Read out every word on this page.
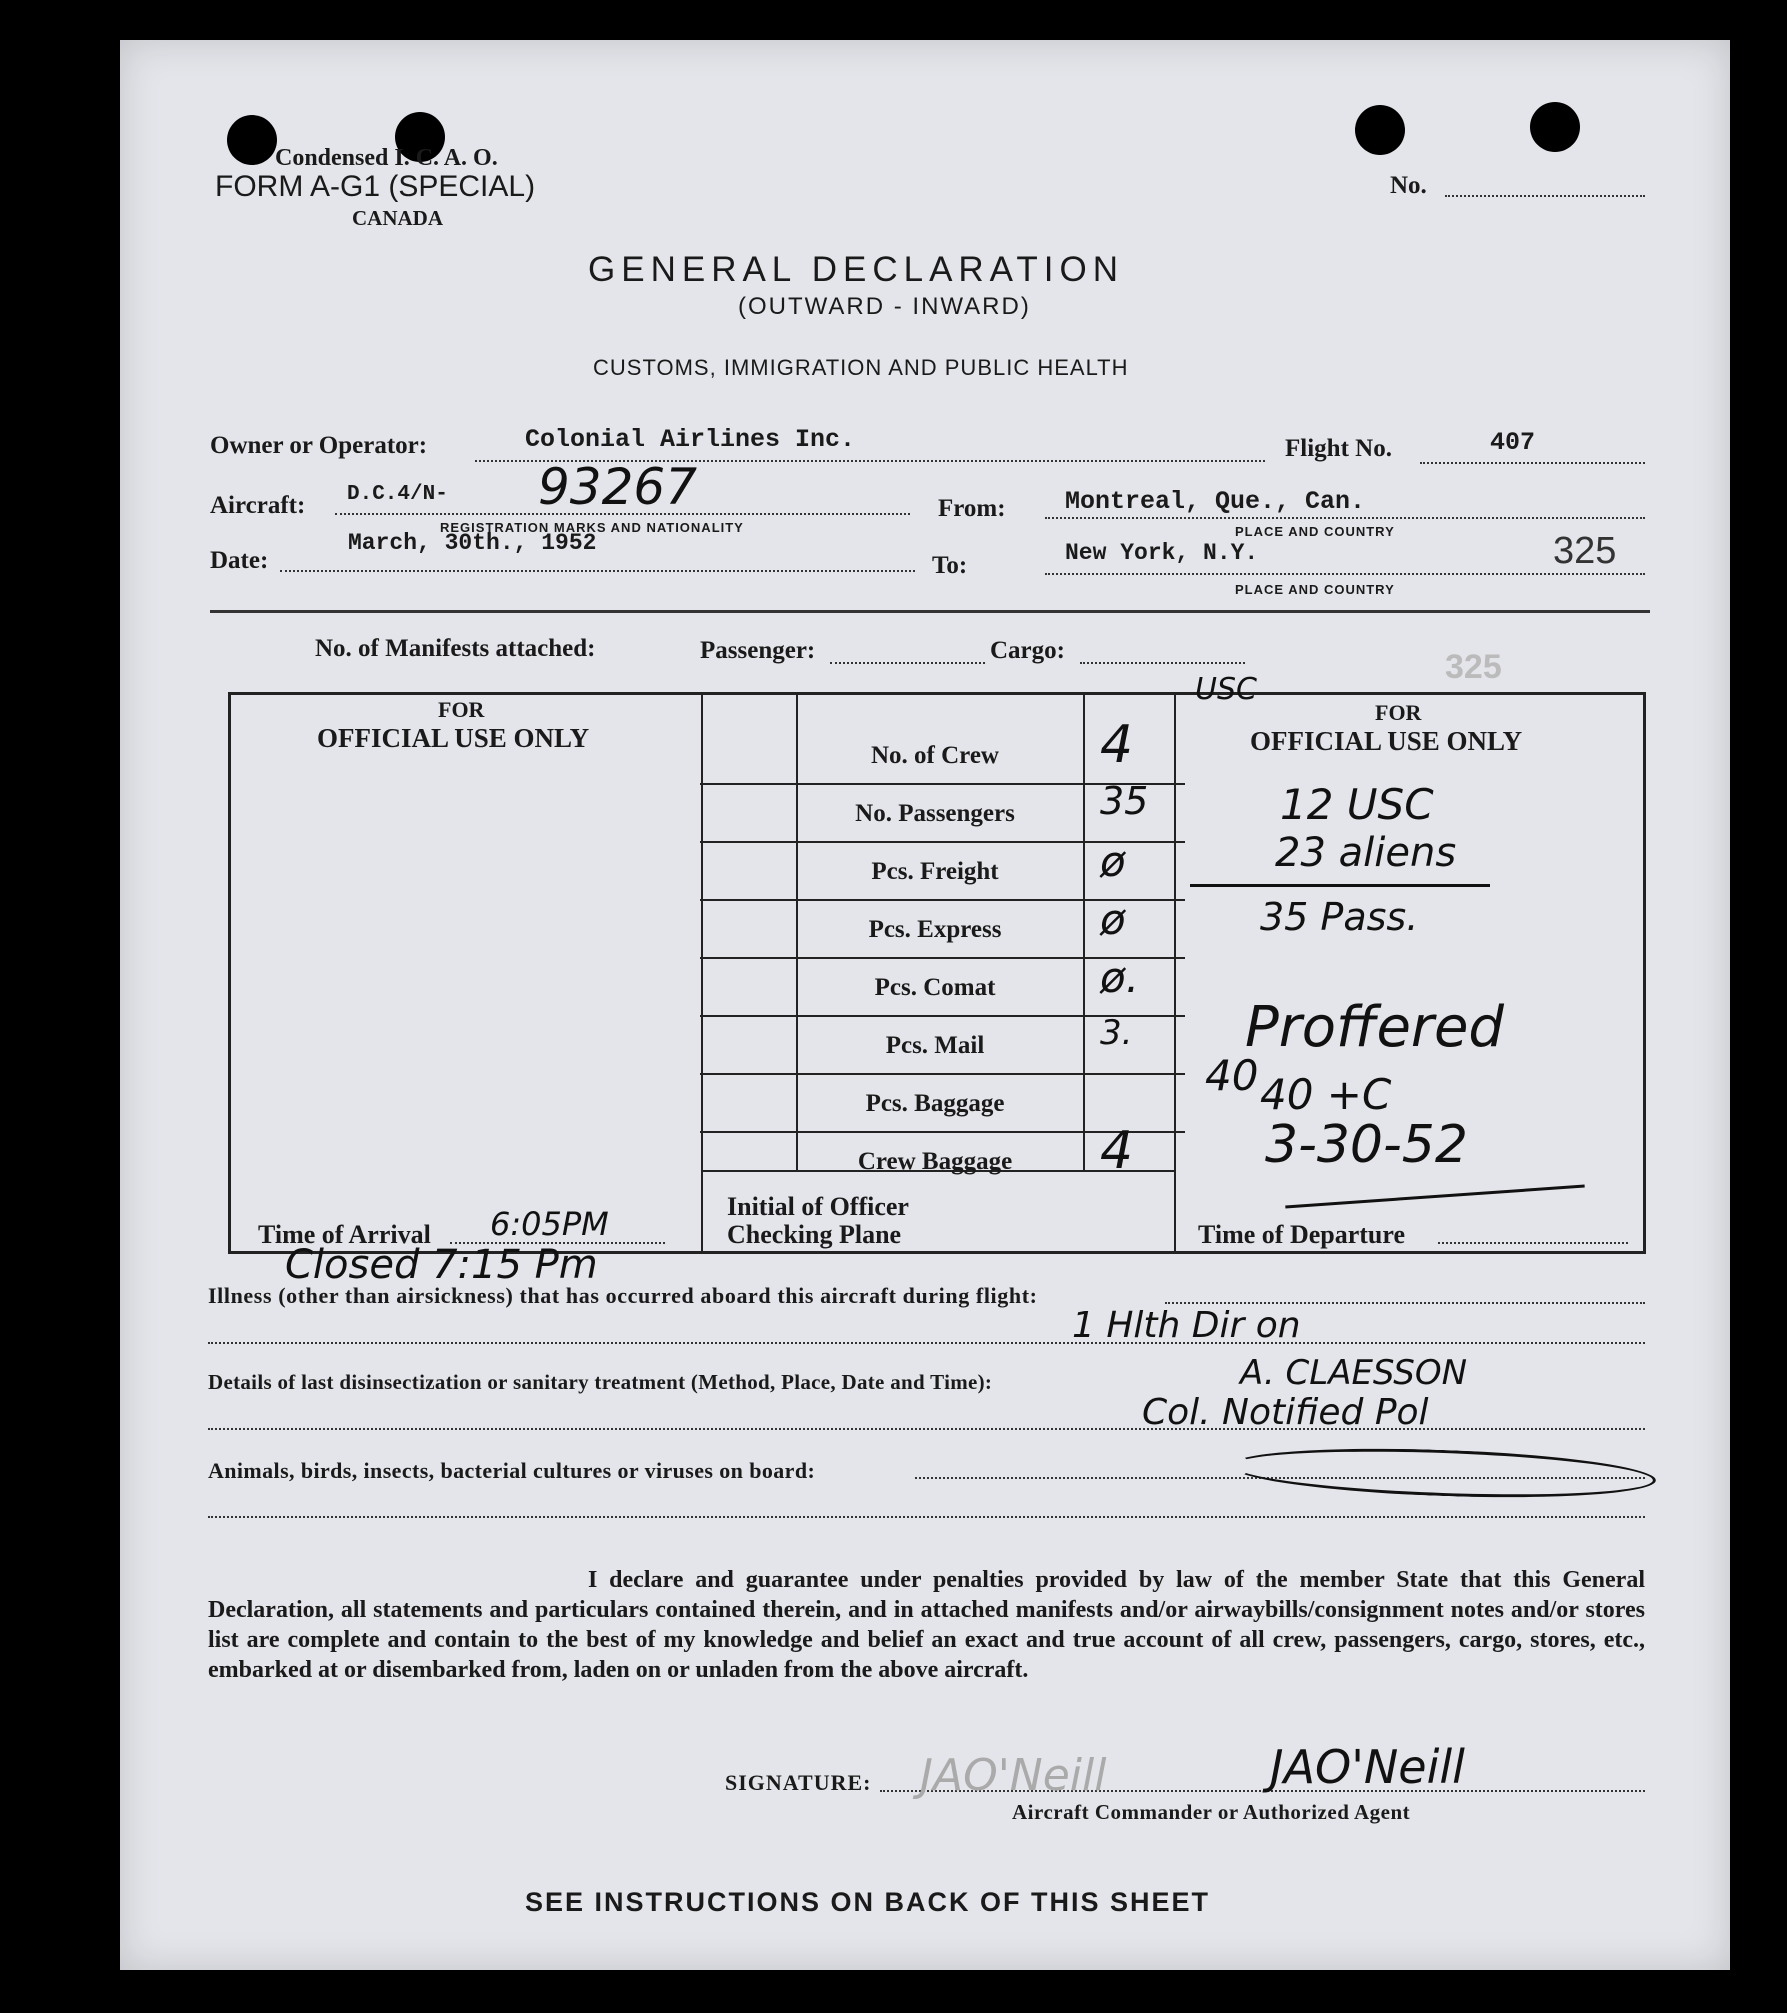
Condensed I. C. A. O.
FORM A-G1 (SPECIAL)
CANADA
No.
GENERAL DECLARATION
(OUTWARD - INWARD)
CUSTOMS, IMMIGRATION AND PUBLIC HEALTH
Owner or Operator:	Colonial Airlines Inc.	Flight No.	407
Aircraft: D.C.4/N- 93267
REGISTRATION MARKS AND NATIONALITY
From: Montreal, Que., Can.
PLACE AND COUNTRY
Date:
March, 30th., 1952
To:	New York, N.Y.	325
PLACE AND COUNTRY
No. of Manifests attached:	Passenger:	Cargo:	325
FOR
OFFICIAL USE ONLY
FOR
OFFICIAL USE ONLY
No. of Crew	4
No. Passengers	35
Pcs. Freight	ø
Pcs. Express	ø
Pcs. Comat	ø.
Pcs. Mail	3.
Pcs. Baggage
40
Crew Baggage	4
USC
12 USC
23 aliens
35 Pass.
Proffered
40 +C
3-30-52
Time of Arrival 6:05PM	Initial of Officer
Checking Plane	Time of Departure
Closed 7:15 Pm
Illness (other than airsickness) that has occurred aboard this aircraft during flight:
1 Hlth Dir on
Details of last disinsectization or sanitary treatment (Method, Place, Date and Time):	A. CLAESSON
Col. Notified Pol
Animals, birds, insects, bacterial cultures or viruses on board:
I declare and guarantee under penalties provided by law of the member State that this General Declaration, all statements and particulars contained therein, and in attached manifests and/or airwaybills/consignment notes and/or stores list are complete and contain to the best of my knowledge and belief an exact and true account of all crew, passengers, cargo, stores, etc., embarked at or disembarked from, laden on or unladen from the above aircraft.
SIGNATURE: JAO'Neill	JAO'Neill
Aircraft Commander or Authorized Agent
SEE INSTRUCTIONS ON BACK OF THIS SHEET
